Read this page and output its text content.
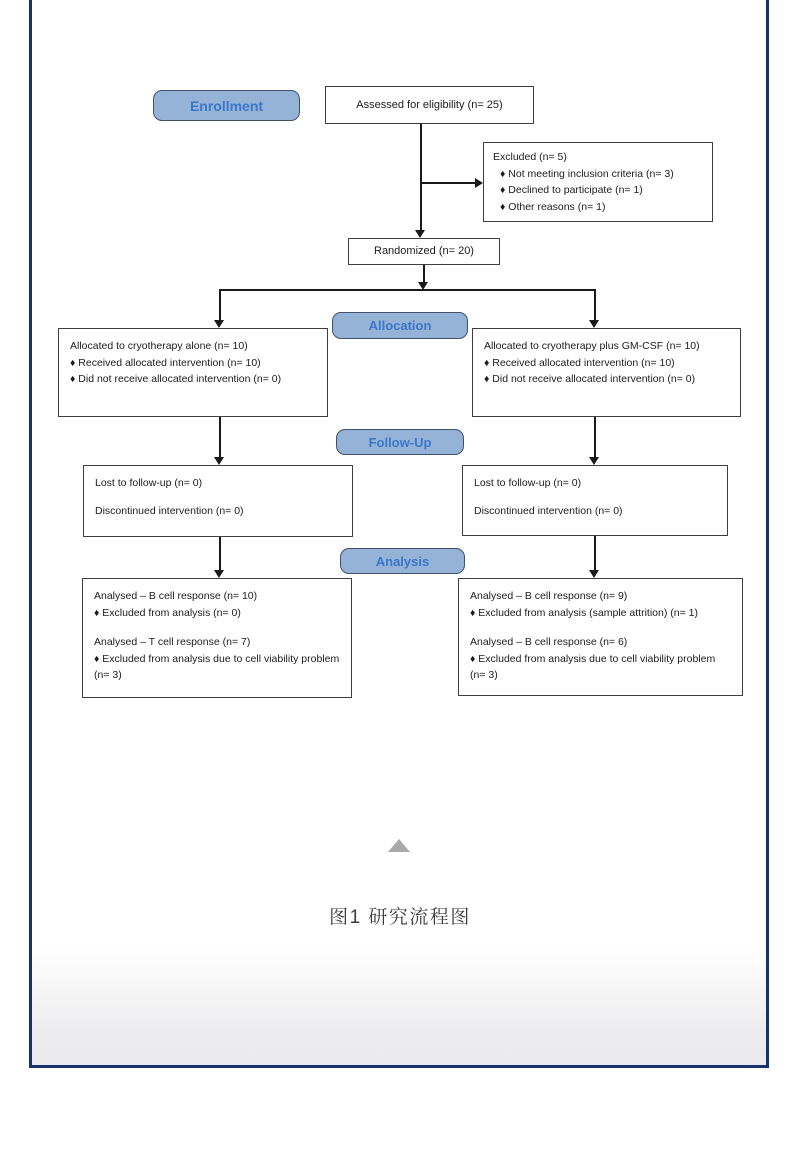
Enrollment
Allocation
Follow-Up
Analysis
Assessed for eligibility (n= 25)
Excluded (n= 5)
♦ Not meeting inclusion criteria (n= 3)
♦ Declined to participate (n= 1)
♦ Other reasons (n= 1)
Randomized (n= 20)
Allocated to cryotherapy alone (n= 10)
♦ Received allocated intervention (n= 10)
♦ Did not receive allocated intervention (n= 0)
Allocated to cryotherapy plus GM-CSF (n= 10)
♦ Received allocated intervention (n= 10)
♦ Did not receive allocated intervention (n= 0)
Lost to follow-up (n= 0)
Discontinued intervention (n= 0)
Lost to follow-up (n= 0)
Discontinued intervention (n= 0)
Analysed – B cell response (n= 10)
♦ Excluded from analysis (n= 0)
Analysed – T cell response (n= 7)
♦ Excluded from analysis due to cell viability problem (n= 3)
Analysed – B cell response (n= 9)
♦ Excluded from analysis (sample attrition) (n= 1)
Analysed – B cell response (n= 6)
♦ Excluded from analysis due to cell viability problem (n= 3)
图1 研究流程图
